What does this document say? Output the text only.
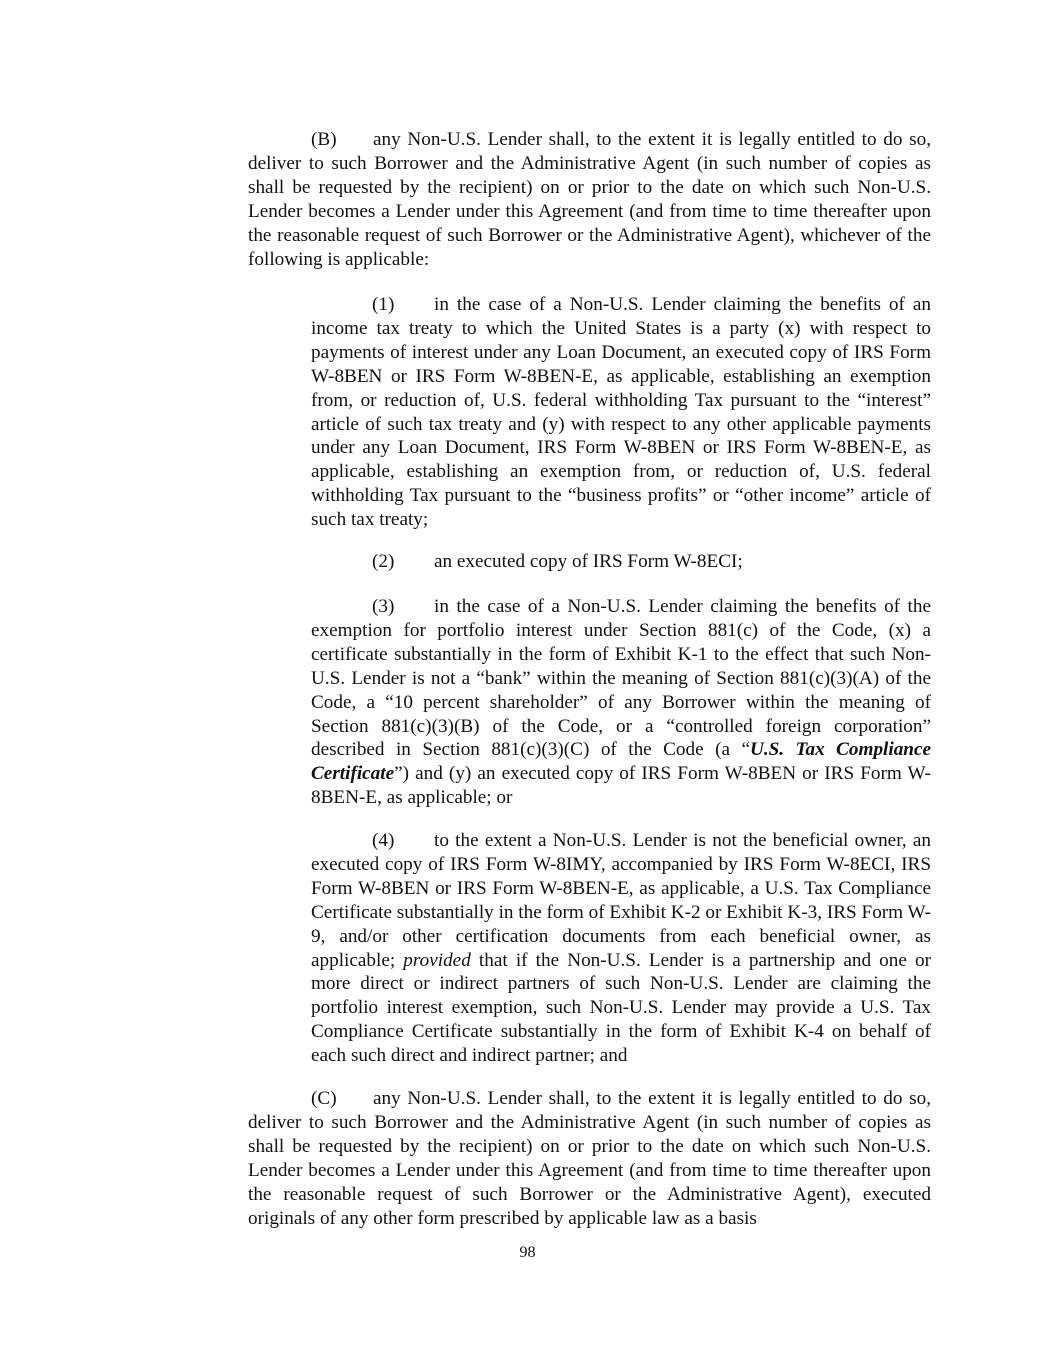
(B) any Non-U.S. Lender shall, to the extent it is legally entitled to do so, deliver to such Borrower and the Administrative Agent (in such number of copies as shall be requested by the recipient) on or prior to the date on which such Non-U.S. Lender becomes a Lender under this Agreement (and from time to time thereafter upon the reasonable request of such Borrower or the Administrative Agent), whichever of the following is applicable:

(1) in the case of a Non-U.S. Lender claiming the benefits of an income tax treaty to which the United States is a party (x) with respect to payments of interest under any Loan Document, an executed copy of IRS Form W-8BEN or IRS Form W-8BEN-E, as applicable, establishing an exemption from, or reduction of, U.S. federal withholding Tax pursuant to the “interest” article of such tax treaty and (y) with respect to any other applicable payments under any Loan Document, IRS Form W-8BEN or IRS Form W-8BEN-E, as applicable, establishing an exemption from, or reduction of, U.S. federal withholding Tax pursuant to the “business profits” or “other income” article of such tax treaty;

(2) an executed copy of IRS Form W-8ECI;

(3) in the case of a Non-U.S. Lender claiming the benefits of the exemption for portfolio interest under Section 881(c) of the Code, (x) a certificate substantially in the form of Exhibit K-1 to the effect that such Non-U.S. Lender is not a “bank” within the meaning of Section 881(c)(3)(A) of the Code, a “10 percent shareholder” of any Borrower within the meaning of Section 881(c)(3)(B) of the Code, or a “controlled foreign corporation” described in Section 881(c)(3)(C) of the Code (a “U.S. Tax Compliance Certificate”) and (y) an executed copy of IRS Form W-8BEN or IRS Form W-8BEN-E, as applicable; or

(4) to the extent a Non-U.S. Lender is not the beneficial owner, an executed copy of IRS Form W-8IMY, accompanied by IRS Form W-8ECI, IRS Form W-8BEN or IRS Form W-8BEN-E, as applicable, a U.S. Tax Compliance Certificate substantially in the form of Exhibit K-2 or Exhibit K-3, IRS Form W-9, and/or other certification documents from each beneficial owner, as applicable; provided that if the Non-U.S. Lender is a partnership and one or more direct or indirect partners of such Non-U.S. Lender are claiming the portfolio interest exemption, such Non-U.S. Lender may provide a U.S. Tax Compliance Certificate substantially in the form of Exhibit K-4 on behalf of each such direct and indirect partner; and

(C) any Non-U.S. Lender shall, to the extent it is legally entitled to do so, deliver to such Borrower and the Administrative Agent (in such number of copies as shall be requested by the recipient) on or prior to the date on which such Non-U.S. Lender becomes a Lender under this Agreement (and from time to time thereafter upon the reasonable request of such Borrower or the Administrative Agent), executed originals of any other form prescribed by applicable law as a basis

98
